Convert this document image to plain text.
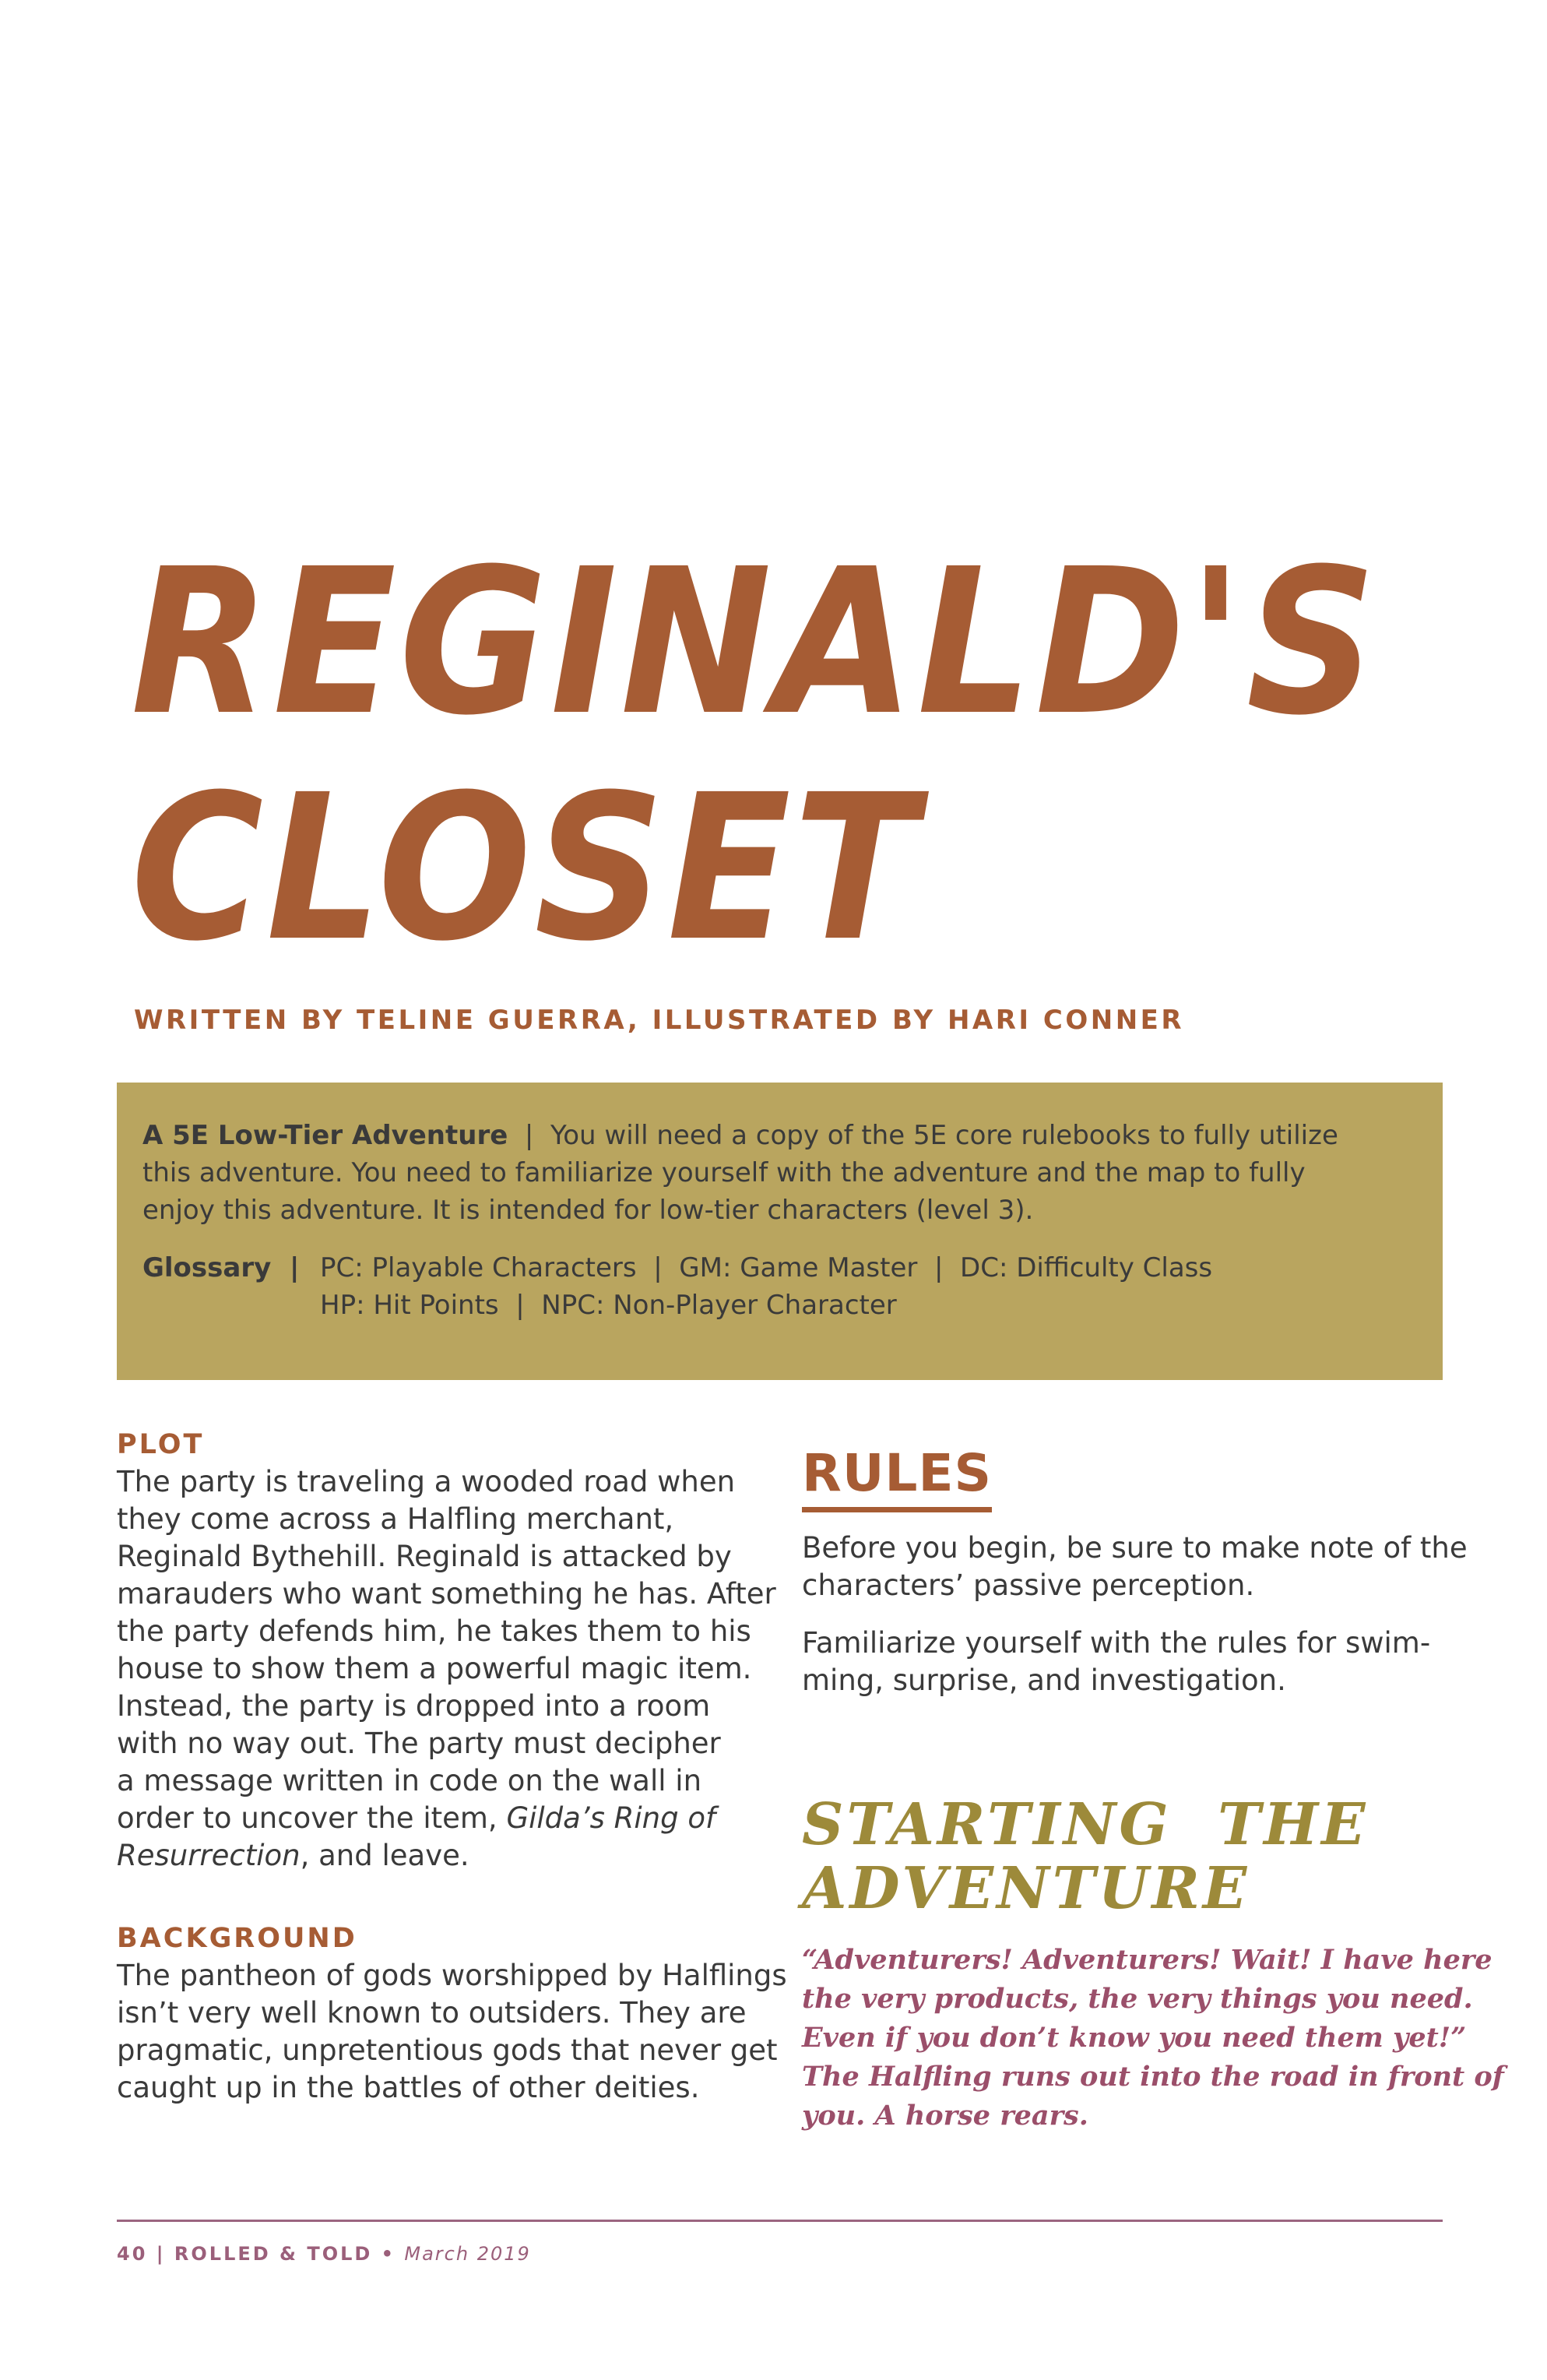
REGINALD'S
CLOSET

WRITTEN BY TELINE GUERRA, ILLUSTRATED BY HARI CONNER

A 5E Low-Tier Adventure  |  You will need a copy of the 5E core rulebooks to fully utilize

this adventure. You need to familiarize yourself with the adventure and the map to fully

enjoy this adventure. It is intended for low-tier characters (level 3).

Glossary  | PC: Playable Characters  |  GM: Game Master  |  DC: Difficulty Class
HP: Hit Points  |  NPC: Non-Player Character
PLOT
The party is traveling a wooded road when
they come across a Halfling merchant,
Reginald Bythehill. Reginald is attacked by
marauders who want something he has. After
the party defends him, he takes them to his
house to show them a powerful magic item.
Instead, the party is dropped into a room
with no way out. The party must decipher
a message written in code on the wall in
order to uncover the item, Gilda’s Ring of
Resurrection, and leave.
BACKGROUND
The pantheon of gods worshipped by Halflings
isn’t very well known to outsiders. They are
pragmatic, unpretentious gods that never get
caught up in the battles of other deities.
RULES
Before you begin, be sure to make note of the
characters’ passive perception.
Familiarize yourself with the rules for swim-
ming, surprise, and investigation.
STARTING  THE
ADVENTURE
“Adventurers! Adventurers! Wait! I have here
the very products, the very things you need.
Even if you don’t know you need them yet!”
The Halfling runs out into the road in front of
you. A horse rears.
40 | ROLLED & TOLD • March 2019
